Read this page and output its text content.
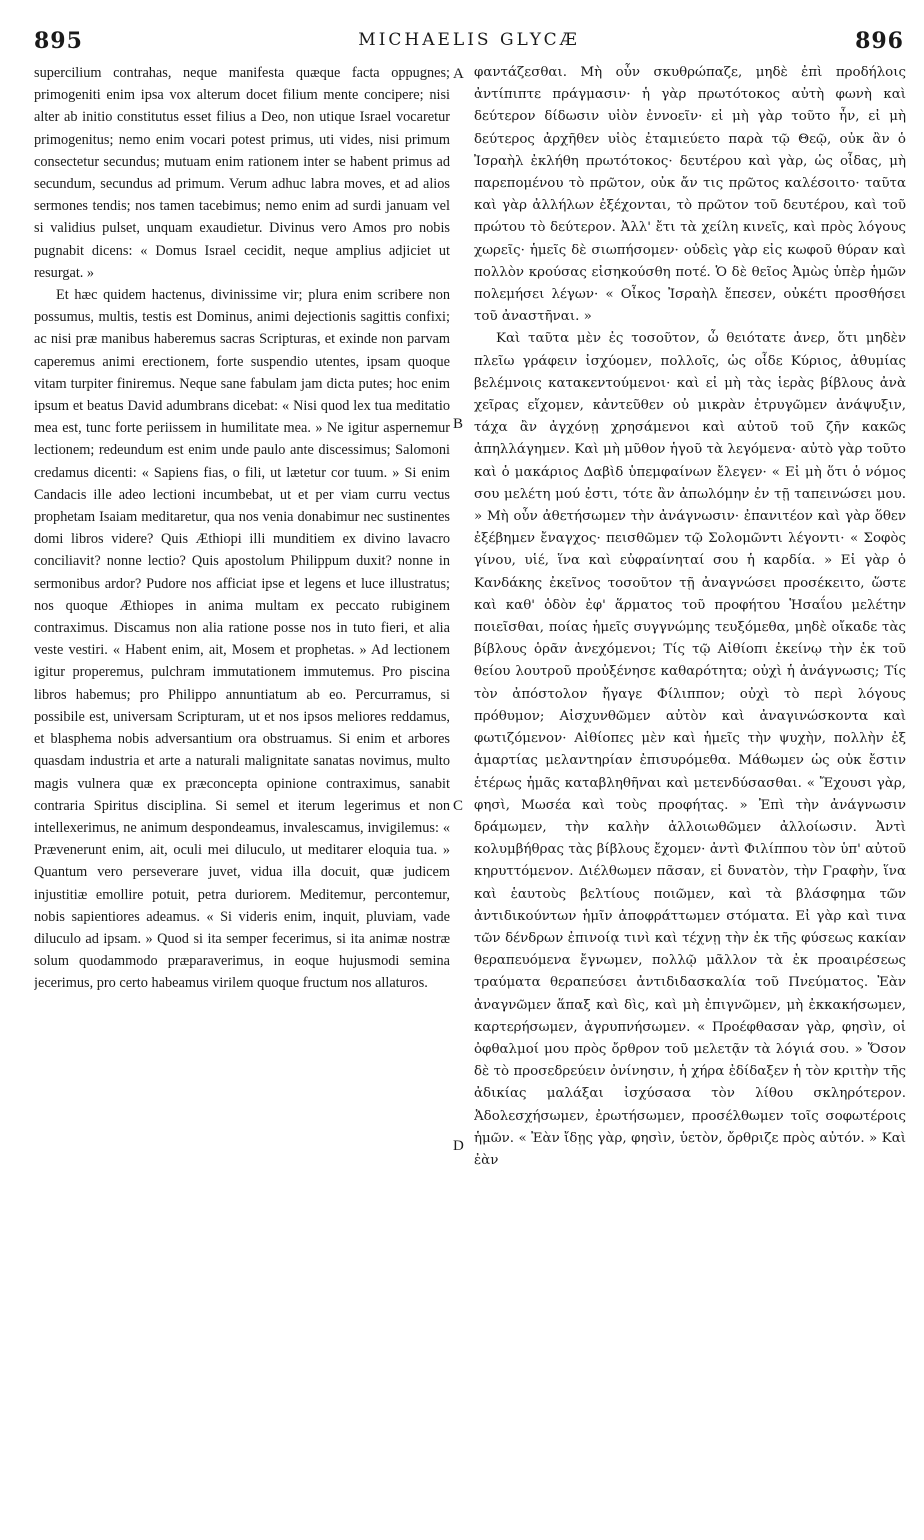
895	MICHAELIS GLYCÆ	896

supercilium contrahas, neque manifesta quæque facta oppugnes; primogeniti enim ipsa vox alterum docet filium mente concipere; nisi alter ab initio constitutus esset filius a Deo, non utique Israel vocaretur primogenitus; nemo enim vocari potest primus, uti vides, nisi primum consectetur secundus; mutuam enim rationem inter se habent primus ad secundum, secundus ad primum. Verum adhuc labra moves, et ad alios sermones tendis; nos tamen tacebimus; nemo enim ad surdi januam vel si validius pulset, unquam exaudietur. Divinus vero Amos pro nobis pugnabit dicens: « Domus Israel cecidit, neque amplius adjiciet ut resurgat. »

Et hæc quidem hactenus, divinissime vir; plura enim scribere non possumus, multis, testis est Dominus, animi dejectionis sagittis confixi; ac nisi præ manibus haberemus sacras Scripturas, et exinde non parvam caperemus animi erectionem, forte suspendio utentes, ipsam quoque vitam turpiter finiremus. Neque sane fabulam jam dicta putes; hoc enim ipsum et beatus David adumbrans dicebat: « Nisi quod lex tua meditatio mea est, tunc forte periissem in humilitate mea. » Ne igitur aspernemur lectionem; redeundum est enim unde paulo ante discessimus; Salomoni credamus dicenti: « Sapiens fias, o fili, ut lætetur cor tuum. » Si enim Candacis ille adeo lectioni incumbebat, ut et per viam curru vectus prophetam Isaiam meditaretur, qua nos venia donabimur nec sustinentes domi libros videre? Quis Æthiopi illi munditiem ex divino lavacro conciliavit? nonne lectio? Quis apostolum Philippum duxit? nonne in sermonibus ardor? Pudore nos afficiat ipse et legens et luce illustratus; nos quoque Æthiopes in anima multam ex peccato rubiginem contraximus. Discamus non alia ratione posse nos in tuto fieri, et alia veste vestiri. « Habent enim, ait, Mosem et prophetas. » Ad lectionem igitur properemus, pulchram immutationem immutemus. Pro piscina libros habemus; pro Philippo annuntiatum ab eo. Percurramus, si possibile est, universam Scripturam, ut et nos ipsos meliores reddamus, et blasphema nobis adversantium ora obstruamus. Si enim et arbores quasdam industria et arte a naturali malignitate sanatas novimus, multo magis vulnera quæ ex præconcepta opinione contraximus, sanabit contraria Spiritus disciplina. Si semel et iterum legerimus et non intellexerimus, ne animum despondeamus, invalescamus, invigilemus: « Prævenerunt enim, ait, oculi mei diluculo, ut meditarer eloquia tua. » Quantum vero perseverare juvet, vidua illa docuit, quæ judicem injustitiæ emollire potuit, petra duriorem. Meditemur, percontemur, nobis sapientiores adeamus. « Si videris enim, inquit, pluviam, vade diluculo ad ipsam. » Quod si ita semper fecerimus, si ita animæ nostræ solum quodammodo præparaverimus, in eoque hujusmodi semina jecerimus, pro certo habeamus virilem quoque fructum nos allaturos.

A
B
C
D

φαντάζεσθαι. Μὴ οὖν σκυθρώπαζε, μηδὲ ἐπὶ προδήλοις ἀντίπιπτε πράγμασιν· ἡ γὰρ πρωτότοκος αὐτὴ φωνὴ καὶ δεύτερον δίδωσιν υἱὸν ἐννοεῖν· εἰ μὴ γὰρ τοῦτο ἦν, εἰ μὴ δεύτερος ἀρχῆθεν υἱὸς ἐταμιεύετο παρὰ τῷ Θεῷ, οὐκ ἂν ὁ Ἰσραὴλ ἐκλήθη πρωτότοκος· δευτέρου καὶ γὰρ, ὡς οἶδας, μὴ παρεπομένου τὸ πρῶτον, οὐκ ἄν τις πρῶτος καλέσοιτο· ταῦτα καὶ γὰρ ἀλλήλων ἐξέχονται, τὸ πρῶτον τοῦ δευτέρου, καὶ τοῦ πρώτου τὸ δεύτερον. Ἀλλ' ἔτι τὰ χείλη κινεῖς, καὶ πρὸς λόγους χωρεῖς· ἡμεῖς δὲ σιωπήσομεν· οὐδεὶς γὰρ εἰς κωφοῦ θύραν καὶ πολλὸν κρούσας εἰσηκούσθη ποτέ. Ὁ δὲ θεῖος Ἀμὼς ὑπὲρ ἡμῶν πολεμήσει λέγων· « Οἶκος Ἰσραὴλ ἔπεσεν, οὐκέτι προσθήσει τοῦ ἀναστῆναι. »

Καὶ ταῦτα μὲν ἐς τοσοῦτον, ὦ θειότατε ἀνερ, ὅτι μηδὲν πλεῖω γράφειν ἰσχύομεν, πολλοῖς, ὡς οἶδε Κύριος, ἀθυμίας βελέμνοις κατακεντούμενοι· καὶ εἰ μὴ τὰς ἱερὰς βίβλους ἀνὰ χεῖρας εἴχομεν, κἀντεῦθεν οὐ μικρὰν ἐτρυγῶμεν ἀνάψυξιν, τάχα ἂν ἀγχόνῃ χρησάμενοι καὶ αὐτοῦ τοῦ ζῆν κακῶς ἀπηλλάγημεν. Καὶ μὴ μῦθον ἡγοῦ τὰ λεγόμενα· αὐτὸ γὰρ τοῦτο καὶ ὁ μακάριος Δαβὶδ ὑπεμφαίνων ἔλεγεν· « Εἰ μὴ ὅτι ὁ νόμος σου μελέτη μού ἐστι, τότε ἂν ἀπωλόμην ἐν τῇ ταπεινώσει μου. » Μὴ οὖν ἀθετήσωμεν τὴν ἀνάγνωσιν· ἐπανιτέον καὶ γὰρ ὅθεν ἐξέβημεν ἔναγχος· πεισθῶμεν τῷ Σολομῶντι λέγοντι· « Σοφὸς γίνου, υἱέ, ἵνα καὶ εὐφραίνηταί σου ἡ καρδία. » Εἰ γὰρ ὁ Κανδάκης ἐκεῖνος τοσοῦτον τῇ ἀναγνώσει προσέκειτο, ὥστε καὶ καθ' ὁδὸν ἐφ' ἅρματος τοῦ προφήτου Ἡσαΐου μελέτην ποιεῖσθαι, ποίας ἡμεῖς συγγνώμης τευξόμεθα, μηδὲ οἴκαδε τὰς βίβλους ὁρᾶν ἀνεχόμενοι; Τίς τῷ Αἰθίοπι ἐκείνῳ τὴν ἐκ τοῦ θείου λουτροῦ προὐξένησε καθαρότητα; οὐχὶ ἡ ἀνάγνωσις; Τίς τὸν ἀπόστολον ἤγαγε Φίλιππον; οὐχὶ τὸ περὶ λόγους πρόθυμον; Αἰσχυνθῶμεν αὐτὸν καὶ ἀναγινώσκοντα καὶ φωτιζόμενον· Αἰθίοπες μὲν καὶ ἡμεῖς τὴν ψυχὴν, πολλὴν ἐξ ἁμαρτίας μελαντηρίαν ἐπισυρόμεθα. Μάθωμεν ὡς οὐκ ἔστιν ἑτέρως ἡμᾶς καταβληθῆναι καὶ μετενδύσασθαι. « Ἔχουσι γὰρ, φησὶ, Μωσέα καὶ τοὺς προφήτας. » Ἐπὶ τὴν ἀνάγνωσιν δράμωμεν, τὴν καλὴν ἀλλοιωθῶμεν ἀλλοίωσιν. Ἀντὶ κολυμβήθρας τὰς βίβλους ἔχομεν· ἀντὶ Φιλίππου τὸν ὑπ' αὐτοῦ κηρυττόμενον. Διέλθωμεν πᾶσαν, εἰ δυνατὸν, τὴν Γραφὴν, ἵνα καὶ ἑαυτοὺς βελτίους ποιῶμεν, καὶ τὰ βλάσφημα τῶν ἀντιδικούντων ἡμῖν ἀποφράττωμεν στόματα. Εἰ γὰρ καὶ τινα τῶν δένδρων ἐπινοίᾳ τινὶ καὶ τέχνῃ τὴν ἐκ τῆς φύσεως κακίαν θεραπευόμενα ἔγνωμεν, πολλῷ μᾶλλον τὰ ἐκ προαιρέσεως τραύματα θεραπεύσει ἀντιδιδασκαλία τοῦ Πνεύματος. Ἐὰν ἀναγνῶμεν ἅπαξ καὶ δὶς, καὶ μὴ ἐπιγνῶμεν, μὴ ἐκκακήσωμεν, καρτερήσωμεν, ἀγρυπνήσωμεν. « Προέφθασαν γὰρ, φησὶν, οἱ ὀφθαλμοί μου πρὸς ὄρθρον τοῦ μελετᾷν τὰ λόγιά σου. » Ὅσον δὲ τὸ προσεδρεύειν ὀνίνησιν, ἡ χήρα ἐδίδαξεν ἡ τὸν κριτὴν τῆς ἀδικίας μαλάξαι ἰσχύσασα τὸν λίθου σκληρότερον. Ἀδολεσχήσωμεν, ἐρωτήσωμεν, προσέλθωμεν τοῖς σοφωτέροις ἡμῶν. « Ἐὰν ἴδῃς γὰρ, φησὶν, ὑετὸν, ὄρθριζε πρὸς αὐτόν. » Καὶ ἐὰν
